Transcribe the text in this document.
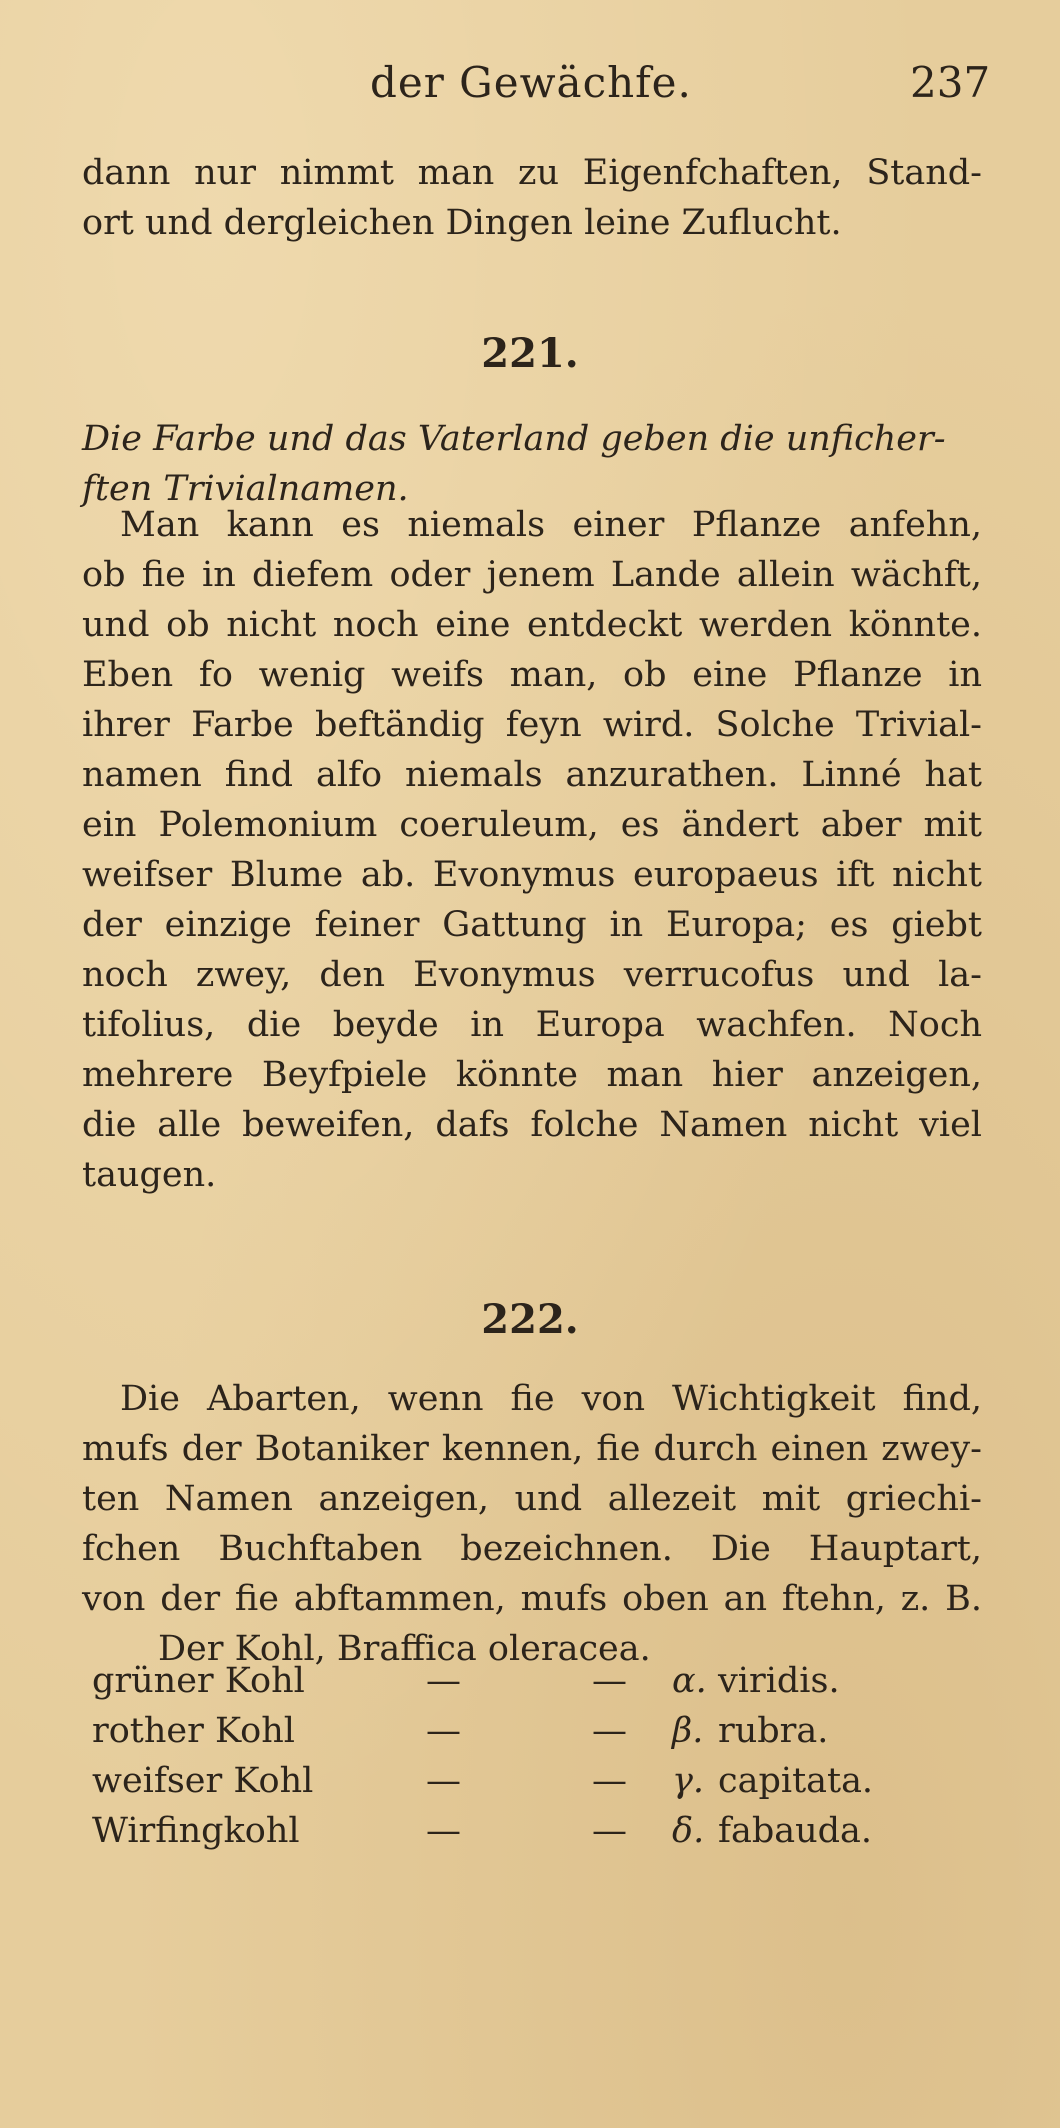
der Gewächfe.	237
dann nur nimmt man zu Eigenfchaften, Stand-
ort und dergleichen Dingen leine Zuflucht.
221.
Die Farbe und das Vaterland geben die unficher-
ften Trivialnamen.
Man kann es niemals einer Pflanze anfehn,
ob fie in diefem oder jenem Lande allein wächft,
und ob nicht noch eine entdeckt werden könnte.
Eben fo wenig weifs man, ob eine Pflanze in
ihrer Farbe beftändig feyn wird. Solche Trivial-
namen find alfo niemals anzurathen. Linné hat
ein Polemonium coeruleum, es ändert aber mit
weifser Blume ab. Evonymus europaeus ift nicht
der einzige feiner Gattung in Europa; es giebt
noch zwey, den Evonymus verrucofus und la-
tifolius, die beyde in Europa wachfen. Noch
mehrere Beyfpiele könnte man hier anzeigen,
die alle beweifen, dafs folche Namen nicht viel
taugen.
222.
Die Abarten, wenn fie von Wichtigkeit find,
mufs der Botaniker kennen, fie durch einen zwey-
ten Namen anzeigen, und allezeit mit griechi-
fchen Buchftaben bezeichnen. Die Hauptart,
von der fie abftammen, mufs oben an ftehn, z. B.
Der Kohl, Braffica oleracea.
grüner Kohl	—	— α. viridis.
rother Kohl	—	— β. rubra.
weifser Kohl	—	— γ. capitata.
Wirfingkohl	—	— δ. fabauda.
